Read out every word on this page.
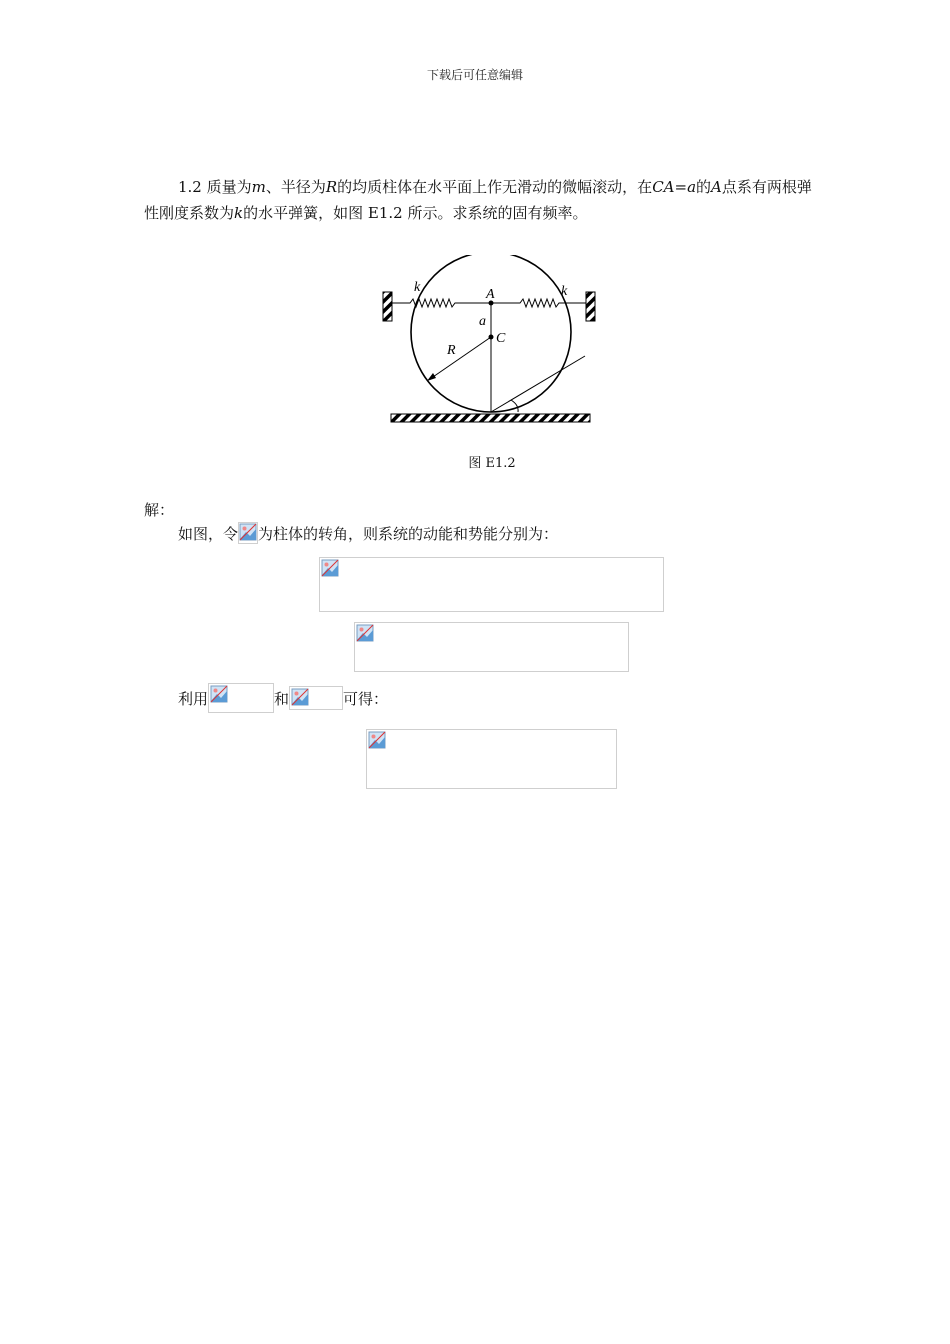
下载后可任意编辑
1.2 质量为m、半径为R的均质柱体在水平面上作无滑动的微幅滚动，在CA=a的A点系有两根弹性刚度系数为k的水平弹簧，如图 E1.2 所示。求系统的固有频率。
k	k
A
a
C
R
图 E1.2
解：
如图，令 为柱体的转角，则系统的动能和势能分别为：
利用	和	可得：
